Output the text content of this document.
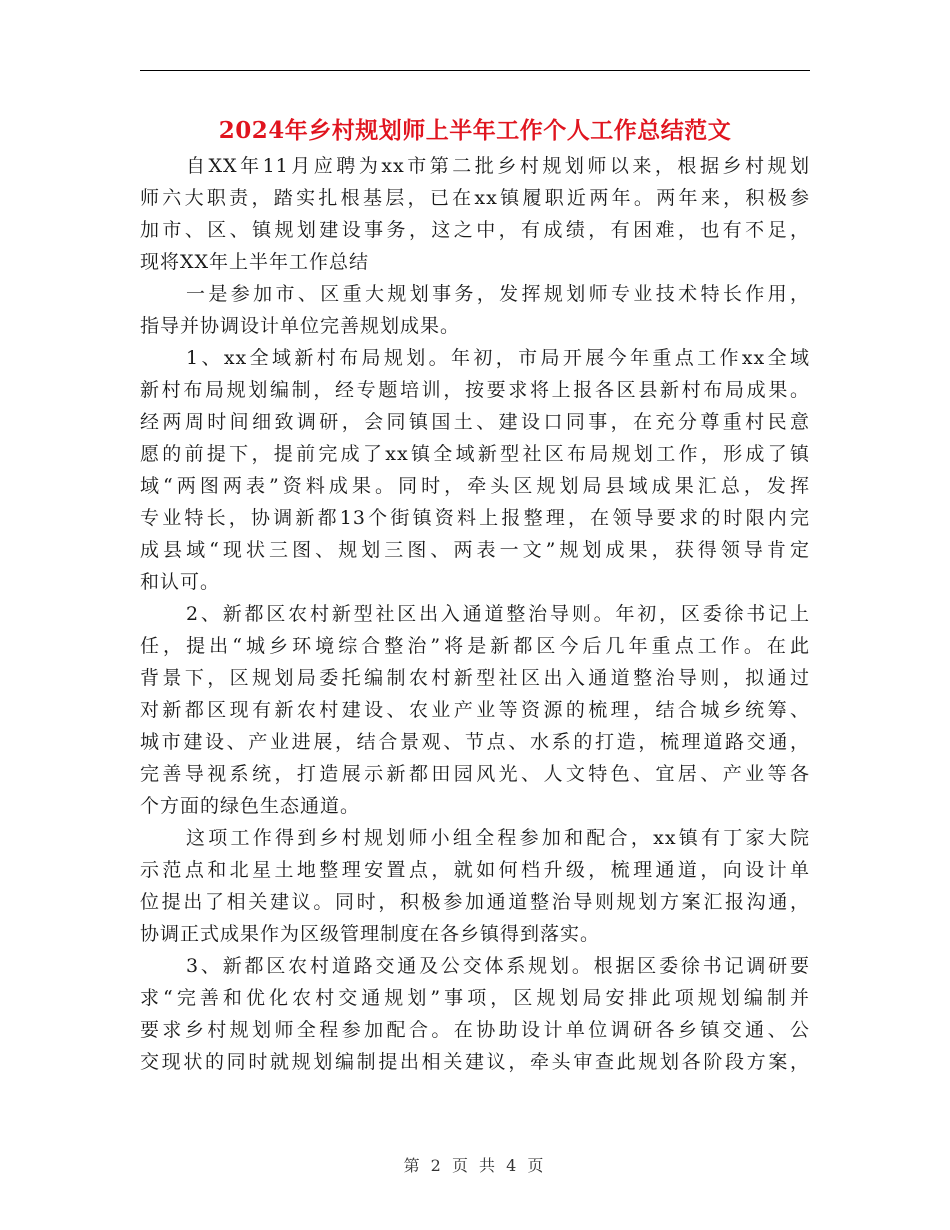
2024年乡村规划师上半年工作个人工作总结范文
自XX年11月应聘为xx市第二批乡村规划师以来，根据乡村规划
师六大职责，踏实扎根基层，已在xx镇履职近两年。两年来，积极参
加市、区、镇规划建设事务，这之中，有成绩，有困难，也有不足，
现将XX年上半年工作总结
一是参加市、区重大规划事务，发挥规划师专业技术特长作用，
指导并协调设计单位完善规划成果。
1、xx全域新村布局规划。年初，市局开展今年重点工作xx全域
新村布局规划编制，经专题培训，按要求将上报各区县新村布局成果。
经两周时间细致调研，会同镇国土、建设口同事，在充分尊重村民意
愿的前提下，提前完成了xx镇全域新型社区布局规划工作，形成了镇
域“两图两表”资料成果。同时，牵头区规划局县域成果汇总，发挥
专业特长，协调新都13个街镇资料上报整理，在领导要求的时限内完
成县域“现状三图、规划三图、两表一文”规划成果，获得领导肯定
和认可。
2、新都区农村新型社区出入通道整治导则。年初，区委徐书记上
任，提出“城乡环境综合整治”将是新都区今后几年重点工作。在此
背景下，区规划局委托编制农村新型社区出入通道整治导则，拟通过
对新都区现有新农村建设、农业产业等资源的梳理，结合城乡统筹、
城市建设、产业进展，结合景观、节点、水系的打造，梳理道路交通，
完善导视系统，打造展示新都田园风光、人文特色、宜居、产业等各
个方面的绿色生态通道。
这项工作得到乡村规划师小组全程参加和配合，xx镇有丁家大院
示范点和北星土地整理安置点，就如何档升级，梳理通道，向设计单
位提出了相关建议。同时，积极参加通道整治导则规划方案汇报沟通，
协调正式成果作为区级管理制度在各乡镇得到落实。
3、新都区农村道路交通及公交体系规划。根据区委徐书记调研要
求“完善和优化农村交通规划”事项，区规划局安排此项规划编制并
要求乡村规划师全程参加配合。在协助设计单位调研各乡镇交通、公
交现状的同时就规划编制提出相关建议，牵头审查此规划各阶段方案，
第 2 页 共 4 页
